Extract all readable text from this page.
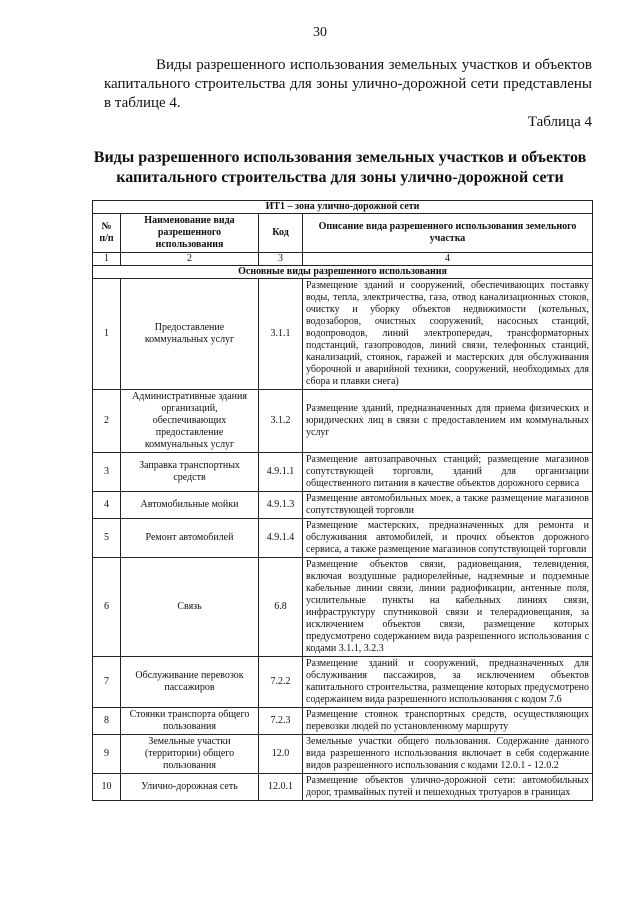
30

Виды разрешенного использования земельных участков и объектов капитального строительства для зоны улично-дорожной сети представлены в таблице 4.

Таблица 4
Виды разрешенного использования земельных участков и объектов капитального строительства для зоны улично-дорожной сети
ИТ1 – зона улично-дорожной сети			
№ п/п	Наименование вида разрешенного использования	Код	Описание вида разрешенного использования земельного участка
1	2	3	4
Основные виды разрешенного использования			
1	Предоставление коммунальных услуг	3.1.1	Размещение зданий и сооружений, обеспечивающих поставку воды, тепла, электричества, газа, отвод канализационных стоков, очистку и уборку объектов недвижимости (котельных, водозаборов, очистных сооружений, насосных станций, водопроводов, линий электропередач, трансформаторных подстанций, газопроводов, линий связи, телефонных станций, канализаций, стоянок, гаражей и мастерских для обслуживания уборочной и аварийной техники, сооружений, необходимых для сбора и плавки снега)
2	Административные здания организаций, обеспечивающих предоставление коммунальных услуг	3.1.2	Размещение зданий, предназначенных для приема физических и юридических лиц в связи с предоставлением им коммунальных услуг
3	Заправка транспортных средств	4.9.1.1	Размещение автозаправочных станций; размещение магазинов сопутствующей торговли, зданий для организации общественного питания в качестве объектов дорожного сервиса
4	Автомобильные мойки	4.9.1.3	Размещение автомобильных моек, а также размещение магазинов сопутствующей торговли
5	Ремонт автомобилей	4.9.1.4	Размещение мастерских, предназначенных для ремонта и обслуживания автомобилей, и прочих объектов дорожного сервиса, а также размещение магазинов сопутствующей торговли
6	Связь	6.8	Размещение объектов связи, радиовещания, телевидения, включая воздушные радиорелейные, надземные и подземные кабельные линии связи, линии радиофикации, антенные поля, усилительные пункты на кабельных линиях связи, инфраструктуру спутниковой связи и телерадиовещания, за исключением объектов связи, размещение которых предусмотрено содержанием вида разрешенного использования с кодами 3.1.1, 3.2.3
7	Обслуживание перевозок пассажиров	7.2.2	Размещение зданий и сооружений, предназначенных для обслуживания пассажиров, за исключением объектов капитального строительства, размещение которых предусмотрено содержанием вида разрешенного использования с кодом 7.6
8	Стоянки транспорта общего пользования	7.2.3	Размещение стоянок транспортных средств, осуществляющих перевозки людей по установленному маршруту
9	Земельные участки (территории) общего пользования	12.0	Земельные участки общего пользования. Содержание данного вида разрешенного использования включает в себя содержание видов разрешенного использования с кодами 12.0.1 - 12.0.2
10	Улично-дорожная сеть	12.0.1	Размещение объектов улично-дорожной сети: автомобильных дорог, трамвайных путей и пешеходных тротуаров в границах
